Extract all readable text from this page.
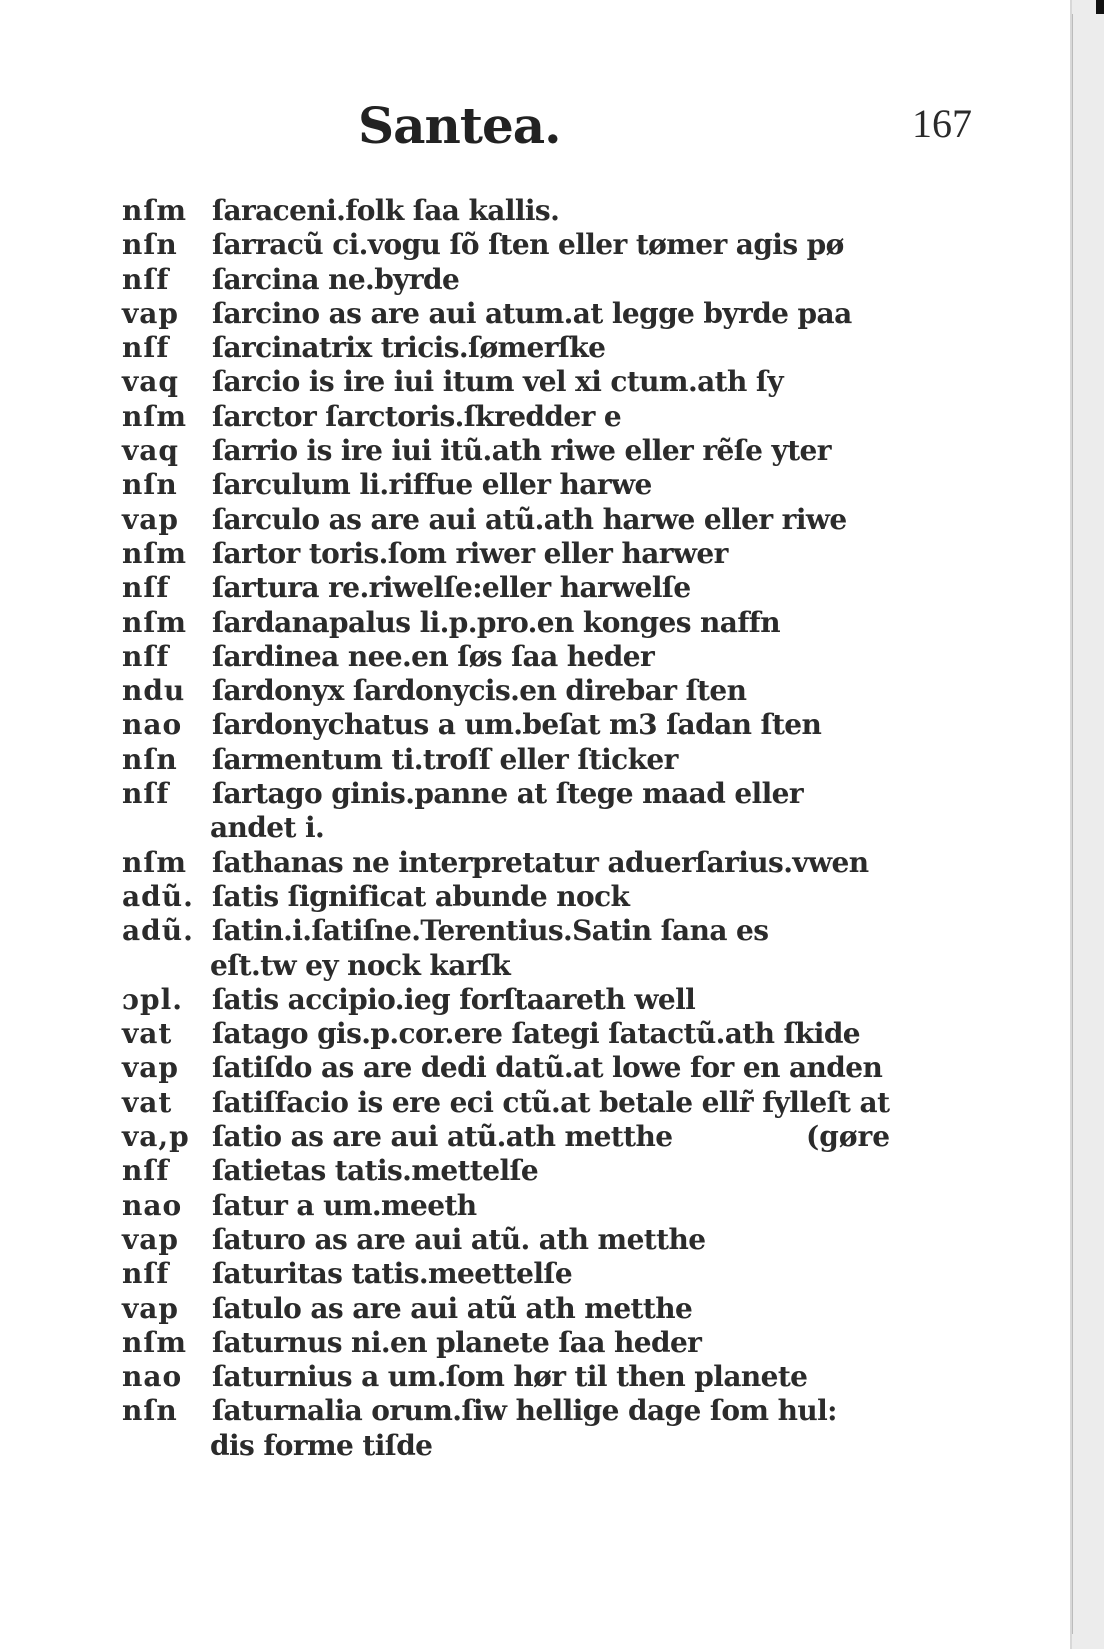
Santea.	167
nſm ſaraceni.folk ſaa kallis.
nſn	ſarracũ ci.vogu ſõ ſten eller tømer agis pø
nſf	ſarcina ne.byrde
vap	ſarcino as are aui atum.at legge byrde paa
nſf	ſarcinatrix tricis.ſømerſke
vaq	ſarcio is ire iui itum vel xi ctum.ath ſy
nſm ſarctor ſarctoris.ſkredder e
vaq	ſarrio is ire iui itũ.ath riwe eller rẽſe yter
nſn	ſarculum li.riffue eller harwe
vap	ſarculo as are aui atũ.ath harwe eller riwe
nſm ſartor toris.ſom riwer eller harwer
nſf	ſartura re.riwelſe:eller harwelſe
nſm ſardanapalus li.p.pro.en konges naffn
nſf	ſardinea nee.en ſøs ſaa heder
ndu ſardonyx ſardonycis.en direbar ſten
nao	ſardonychatus a um.beſat m3 ſadan ſten
nſn	ſarmentum ti.troſſ eller ſticker
nſf	ſartago ginis.panne at ſtege maad eller
andet i.
nſm ſathanas ne interpretatur aduerſarius.vwen
adũ. ſatis ſignificat abunde nock
adũ. ſatin.i.ſatiſne.Terentius.Satin ſana es
eſt.tw ey nock karſk
ɔpl.	ſatis accipio.ieg forſtaareth well
vat	ſatago gis.p.cor.ere ſategi ſatactũ.ath ſkide
vap	ſatiſdo as are dedi datũ.at lowe for en anden
vat	ſatiſfacio is ere eci ctũ.at betale ellr̃ fylleſt at
va,p ſatio as are aui atũ.ath metthe	(gøre
nſf	ſatietas tatis.mettelſe
nao	ſatur a um.meeth
vap	ſaturo as are aui atũ. ath metthe
nſf	ſaturitas tatis.meettelſe
vap	ſatulo as are aui atũ ath metthe
nſm ſaturnus ni.en planete ſaa heder
nao	ſaturnius a um.ſom hør til then planete
nſn	ſaturnalia orum.ſiw hellige dage ſom hul:
dis forme tiſde
